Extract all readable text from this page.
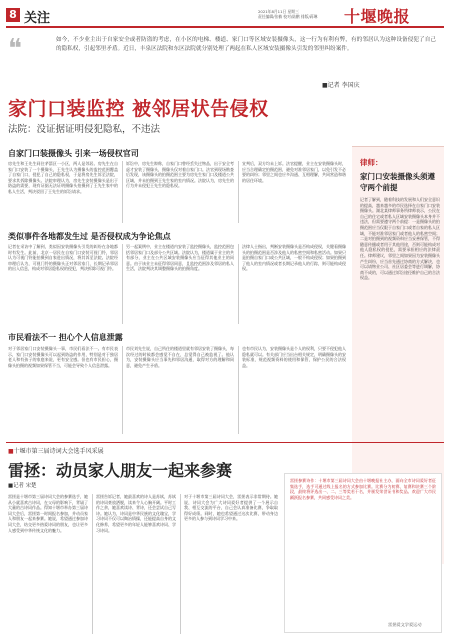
8 关注	2021年8月11日 星期三
责任编辑/张楠 校对/陆鹏 排版/蒋琳	十堰晚报
❝	如今，不少业主出于自家安全或者防盗的考虑，在小区的电梯、楼道、家门口等区域安装摄像头，这一行为有利有弊，有的邻居认为这种设备侵犯了自己的隐私权，引起邻里矛盾。近日，丰泉区法院和东区法院就分别处理了两起在私人区域安装摄像头引发的邻里纠纷案件。
■记者 李国庆
家门口装监控 被邻居状告侵权
法院：没证据证明侵犯隐私，不违法
自家门口装摄像头 引来一场侵权官司
房先生和王先生同住茅箭区一小区，两人是邻居。房先生在自家门口安装了一个摄像头，王先生认为摄像头的监控范围覆盖了自家门口，侵犯了自己的隐私权，于是将房先生诉至法院，要求其拆除摄像头。法院审理认为，房先生安装摄像头是出于防盗的需要，现有证据无法证明摄像头拍摄到了王先生家中的私人生活，判决驳回了王先生的诉讼请求。
诉讼中，房先生辩称，自家门口曾经丢失过物品，出于安全考虑才安装了摄像头，摄像头仅对着自家门口。法官到现场勘查后发现，该摄像头的拍摄范围主要为房先生家门口及楼道公共区域，并未拍摄到王先生家的室内情况。法院认为，房先生的行为并未侵犯王先生的隐私权。
宣判后，双方均未上诉。法官提醒，业主在安装摄像头时，应当合理确定拍摄范围，避免对准邻居家门，以免引发不必要的纠纷；邻里之间也应多沟通、互相理解，共同营造和谐的居住环境。
类似事件各地都发生过 是否侵权成为争论焦点
记者在采访中了解到，类似因安装摄像头引发的纠纷在各地都时有发生。此前，北京一居民在自家门口安装可视门铃，邻居认为可视门铃能拍摄到自家进出情况，将其诉至法院。法院经审理后认为，可视门铃的摄像头正对邻居家门，长期记录邻居的出入信息，构成对邻居隐私权的侵犯，判决拆除可视门铃。
另一起案例中，业主在楼道内安装了监控摄像头，监控范围包括邻居家门口及部分公共区域。法院认为，楼道属于业主的共有部分，业主在公共区域安装摄像头应当征得其他业主的同意。由于该业主未征得邻居同意，且监控范围涉及邻居的私人生活，法院判决其调整摄像头的拍摄角度。
法律人士指出，判断安装摄像头是否构成侵权，关键看摄像头的拍摄范围是否涉及他人的私密空间和私密活动。如果只是拍摄自家门口或公共区域，一般不构成侵权；如果拍摄到了他人的室内情况或者长期记录他人的行踪，则可能构成侵权。
市民看法不一 担心个人信息泄露
对于邻居家门口安装摄像头一事，市民们看法不一。有市民表示，家门口安装摄像头可以起到防盗的作用，特别是对于独居老人和有孩子的家庭来说，更有安全感。但也有市民担心，摄像头拍摄的视频如果保管不当，可能会导致个人信息泄露。
市民刘先生说，自己所住的楼道里就有邻居安装了摄像头，每次经过的时候都会感觉不自在，总觉得自己被监视了。他认为，安装摄像头应当事先和邻居沟通，取得对方的理解和同意，避免产生矛盾。
也有市民认为，安装摄像头是个人的权利，只要不侵犯他人隐私就可以。有关部门应当出台相关规定，明确摄像头的安装标准，规范视频资料的使用和保管，保护公民的合法权益。
律师：
家门口安装摄像头须遵守两个前提
记者了解到，随着科技的发展和人们安全意识的提高，越来越多的市民选择在自家门口安装摄像头。湖北某律师事务所律师表示，公民在自己的住宅或者私人区域安装摄像头本身并不违法，但需要遵守两个前提：一是摄像头的拍摄范围应当仅限于自家门口或者自家的私人区域，不能对准邻居家门或者他人的私密空间；二是对拍摄到的视频资料应当妥善保管，不得随意传播或者用于其他用途，否则可能构成对他人隐私权的侵犯，需要承担相应的法律责任。律师建议，邻里之间如果因为安装摄像头产生纠纷，应当首先通过协商的方式解决，也可以请物业公司、社区居委会等进行调解，协商不成的，可以通过诉讼途径维护自己的合法权益。
■十堰市第三届诗词大会选手风采展
雷拯：动员家人朋友一起来参赛
■记者 宋楚
雷拯是十堰市第三届诗词大会的参赛选手，她从小就喜欢古诗词，在父母的影响下，背诵了大量的古诗词作品。得知十堰市举办第三届诗词大会后，雷拯第一时间报名参加，并动员家人和朋友一起来参赛。她说，希望通过参加诗词大会，结交更多热爱诗词的朋友，也让更多人感受到中华传统文化的魅力。
雷拯告诉记者，她最喜欢的诗人是苏轼，苏轼的诗词豪放洒脱，读来令人心胸开阔。平时工作之余，她喜欢读诗、背诗，还会尝试自己写诗。她认为，诗词是中华民族的文化瑰宝，学习诗词不仅可以陶冶情操，还能提高自身的文化修养，希望更多的年轻人能够喜欢诗词、学习诗词。
对于十堰市第三届诗词大会，雷拯表示非常期待。她说，诗词大会为广大诗词爱好者提供了一个展示自我、相互交流的平台，自己会认真准备比赛，争取取得好成绩。同时，她也希望通过这次比赛，带动身边更多的人参与到诗词学习中来。
雷拯参赛诗作：十堰市第三届诗词大会由十堰晚报社主办，面向全市诗词爱好者征集选手，选手可通过线上报名的方式参加比赛。比赛分为初赛、复赛和决赛三个阶段，最终将评选出一、二、三等奖若干名，并颁发荣誉证书和奖品。欢迎广大市民踊跃报名参赛，共同感受诗词之美。
雷拯爱文学爱运动
